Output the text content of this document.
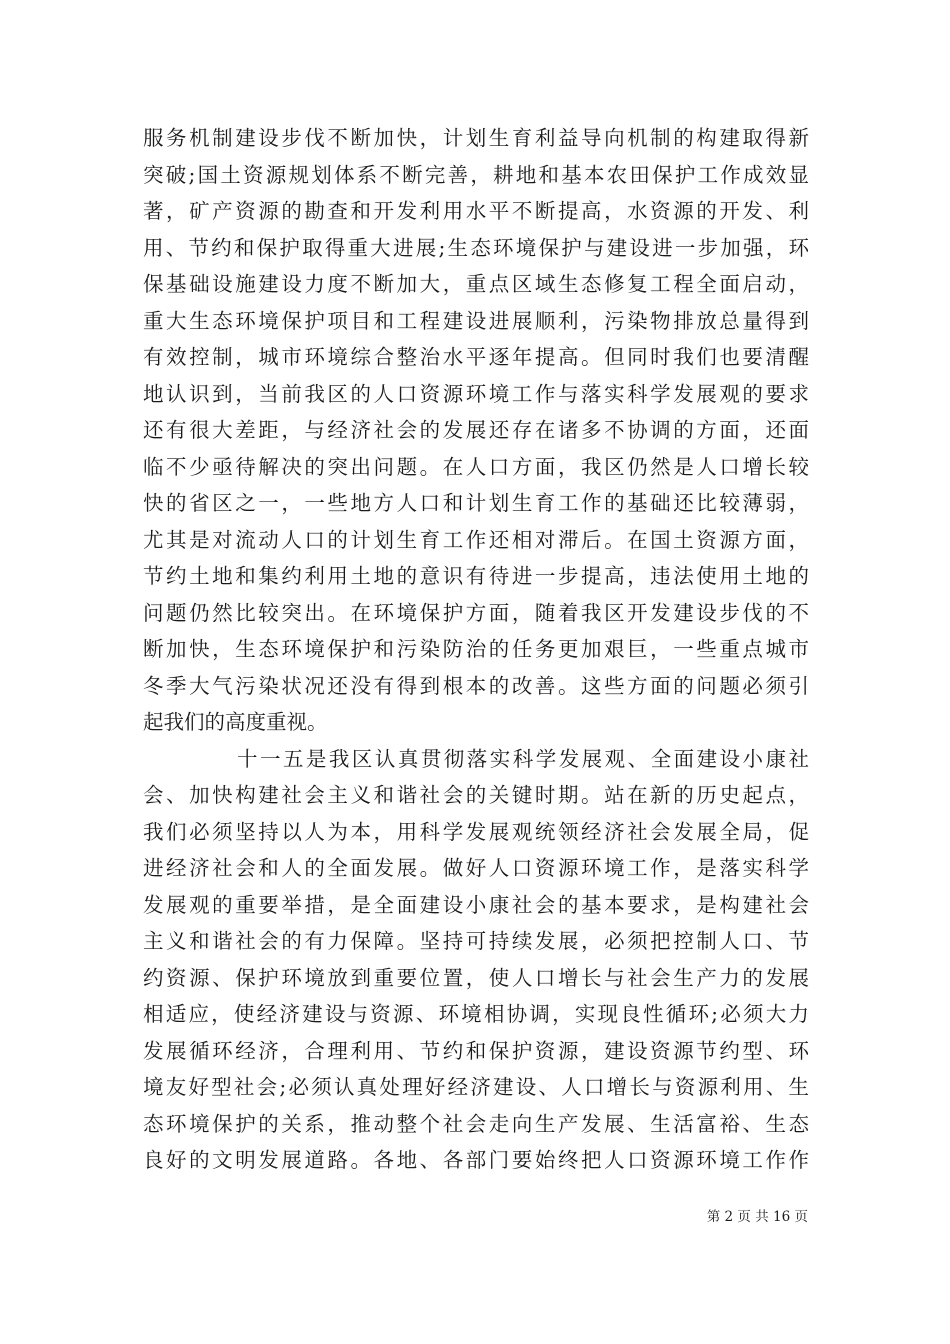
服务机制建设步伐不断加快，计划生育利益导向机制的构建取得新
突破;国土资源规划体系不断完善，耕地和基本农田保护工作成效显
著，矿产资源的勘查和开发利用水平不断提高，水资源的开发、利
用、节约和保护取得重大进展;生态环境保护与建设进一步加强，环
保基础设施建设力度不断加大，重点区域生态修复工程全面启动，
重大生态环境保护项目和工程建设进展顺利，污染物排放总量得到
有效控制，城市环境综合整治水平逐年提高。但同时我们也要清醒
地认识到，当前我区的人口资源环境工作与落实科学发展观的要求
还有很大差距，与经济社会的发展还存在诸多不协调的方面，还面
临不少亟待解决的突出问题。在人口方面，我区仍然是人口增长较
快的省区之一，一些地方人口和计划生育工作的基础还比较薄弱，
尤其是对流动人口的计划生育工作还相对滞后。在国土资源方面，
节约土地和集约利用土地的意识有待进一步提高，违法使用土地的
问题仍然比较突出。在环境保护方面，随着我区开发建设步伐的不
断加快，生态环境保护和污染防治的任务更加艰巨，一些重点城市
冬季大气污染状况还没有得到根本的改善。这些方面的问题必须引
起我们的高度重视。
十一五是我区认真贯彻落实科学发展观、全面建设小康社
会、加快构建社会主义和谐社会的关键时期。站在新的历史起点，
我们必须坚持以人为本，用科学发展观统领经济社会发展全局，促
进经济社会和人的全面发展。做好人口资源环境工作，是落实科学
发展观的重要举措，是全面建设小康社会的基本要求，是构建社会
主义和谐社会的有力保障。坚持可持续发展，必须把控制人口、节
约资源、保护环境放到重要位置，使人口增长与社会生产力的发展
相适应，使经济建设与资源、环境相协调，实现良性循环;必须大力
发展循环经济，合理利用、节约和保护资源，建设资源节约型、环
境友好型社会;必须认真处理好经济建设、人口增长与资源利用、生
态环境保护的关系，推动整个社会走向生产发展、生活富裕、生态
良好的文明发展道路。各地、各部门要始终把人口资源环境工作作
第 2 页 共 16 页
